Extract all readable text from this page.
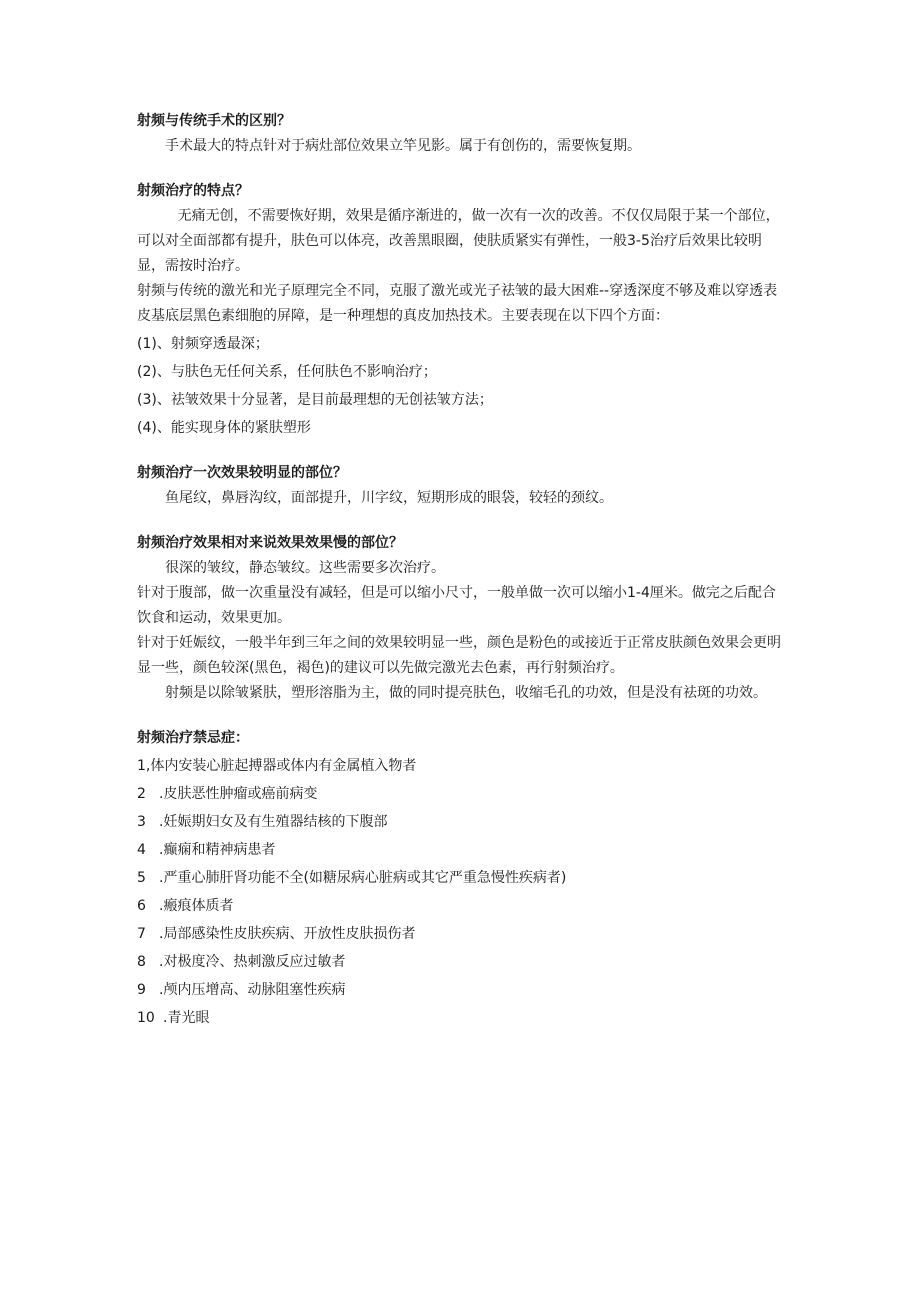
射频与传统手术的区别？

手术最大的特点针对于病灶部位效果立竿见影。属于有创伤的，需要恢复期。

射频治疗的特点？

无痛无创，不需要恢好期，效果是循序渐进的，做一次有一次的改善。不仅仅局限于某一个部位，可以对全面部都有提升，肤色可以体亮，改善黑眼圈，使肤质紧实有弹性，一般3-5治疗后效果比较明显，需按时治疗。

射频与传统的激光和光子原理完全不同，克服了激光或光子祛皱的最大困难--穿透深度不够及难以穿透表皮基底层黑色素细胞的屏障，是一种理想的真皮加热技术。主要表现在以下四个方面：

(1)、射频穿透最深；
(2)、与肤色无任何关系，任何肤色不影响治疗；
(3)、祛皱效果十分显著，是目前最理想的无创祛皱方法；
(4)、能实现身体的紧肤塑形
射频治疗一次效果较明显的部位？

鱼尾纹，鼻唇沟纹，面部提升，川字纹，短期形成的眼袋，较轻的颈纹。

射频治疗效果相对来说效果效果慢的部位？

很深的皱纹，静态皱纹。这些需要多次治疗。

针对于腹部，做一次重量没有减轻，但是可以缩小尺寸，一般单做一次可以缩小1-4厘米。做完之后配合饮食和运动，效果更加。

针对于妊娠纹，一般半年到三年之间的效果较明显一些，颜色是粉色的或接近于正常皮肤颜色效果会更明显一些，颜色较深(黑色，褐色)的建议可以先做完激光去色素，再行射频治疗。

射频是以除皱紧肤，塑形溶脂为主，做的同时提亮肤色，收缩毛孔的功效，但是没有祛斑的功效。

射频治疗禁忌症：
1,体内安装心脏起搏器或体内有金属植入物者
2 .皮肤恶性肿瘤或癌前病变
3 .妊娠期妇女及有生殖器结核的下腹部
4 .癫痫和精神病患者
5 .严重心肺肝肾功能不全(如糖尿病心脏病或其它严重急慢性疾病者)
6 .瘢痕体质者
7 .局部感染性皮肤疾病、开放性皮肤损伤者
8 .对极度冷、热刺激反应过敏者
9 .颅内压增高、动脉阻塞性疾病
10 .青光眼
